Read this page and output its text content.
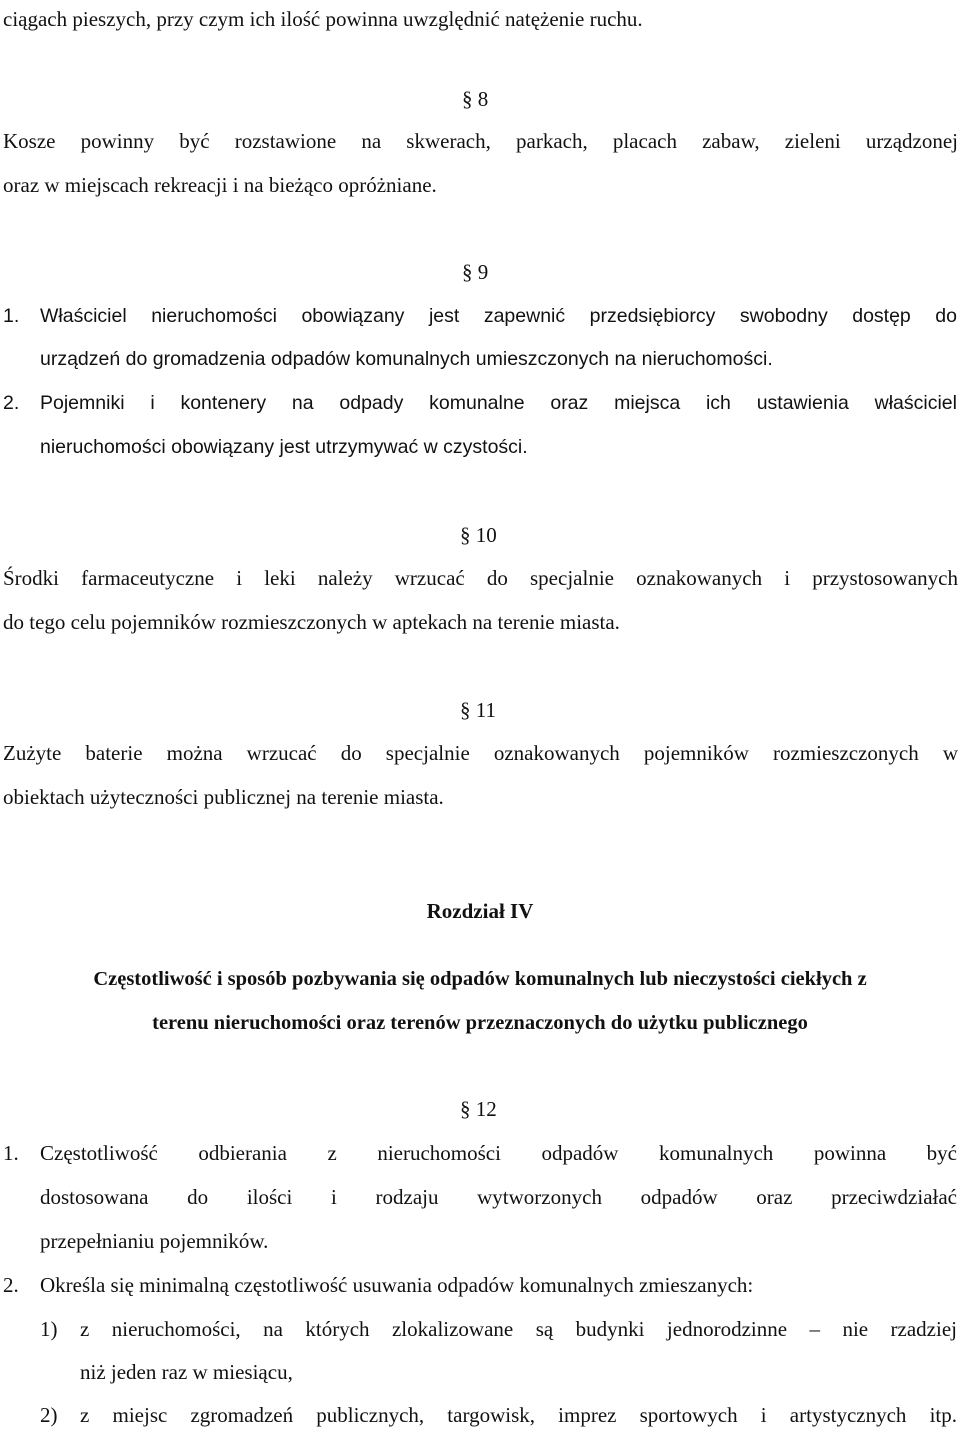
ciągach pieszych, przy czym ich ilość powinna uwzględnić natężenie ruchu.
§ 8
Kosze powinny być rozstawione na skwerach, parkach, placach zabaw, zieleni urządzonej
oraz w miejscach rekreacji i na bieżąco opróżniane.
§ 9
1. Właściciel nieruchomości obowiązany jest zapewnić przedsiębiorcy swobodny dostęp do
urządzeń do gromadzenia odpadów komunalnych umieszczonych na nieruchomości.
2. Pojemniki i kontenery na odpady komunalne oraz miejsca ich ustawienia właściciel
nieruchomości obowiązany jest utrzymywać w czystości.
§ 10
Środki farmaceutyczne i leki należy wrzucać do specjalnie oznakowanych i przystosowanych
do tego celu pojemników rozmieszczonych w aptekach na terenie miasta.
§ 11
Zużyte baterie można wrzucać do specjalnie oznakowanych pojemników rozmieszczonych w
obiektach użyteczności publicznej na terenie miasta.
Rozdział IV
Częstotliwość i sposób pozbywania się odpadów komunalnych lub nieczystości ciekłych z
terenu nieruchomości oraz terenów przeznaczonych do użytku publicznego
§ 12
1. Częstotliwość odbierania z nieruchomości odpadów komunalnych powinna być
dostosowana do ilości i rodzaju wytworzonych odpadów oraz przeciwdziałać
przepełnianiu pojemników.
2. Określa się minimalną częstotliwość usuwania odpadów komunalnych zmieszanych:
1) z nieruchomości, na których zlokalizowane są budynki jednorodzinne – nie rzadziej
niż jeden raz w miesiącu,
2) z miejsc zgromadzeń publicznych, targowisk, imprez sportowych i artystycznych itp.
